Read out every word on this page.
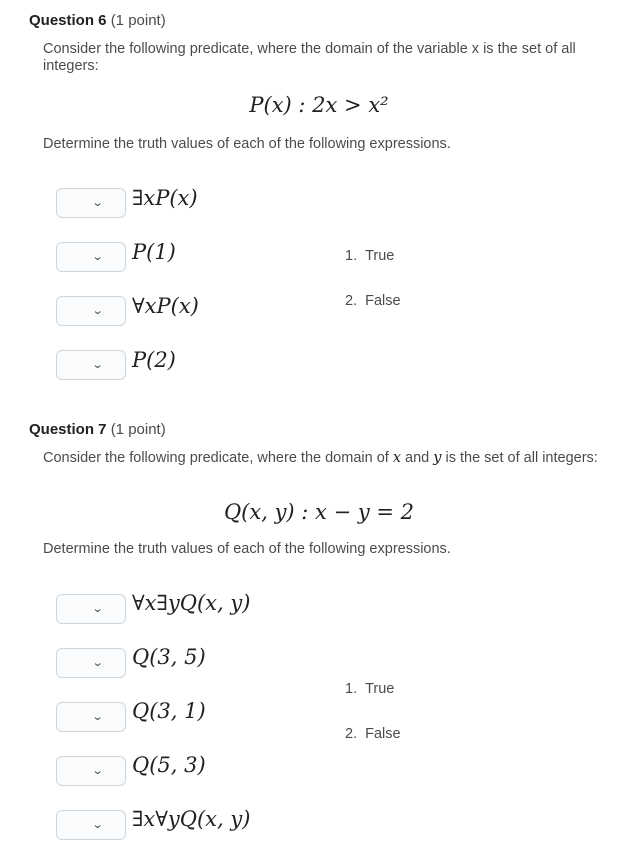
Question 6 (1 point)
Consider the following predicate, where the domain of the variable x is the set of all integers:
P(x) : 2x > x²
Determine the truth values of each of the following expressions.
⌄ ∃xP(x)
⌄ P(1)
⌄ ∀xP(x)
⌄ P(2)
1. True
2. False
Question 7 (1 point)
Consider the following predicate, where the domain of x and y is the set of all integers:
Q(x, y) : x − y = 2
Determine the truth values of each of the following expressions.
⌄ ∀x∃yQ(x, y)
⌄ Q(3, 5)
⌄ Q(3, 1)
⌄ Q(5, 3)
⌄ ∃x∀yQ(x, y)
1. True
2. False
